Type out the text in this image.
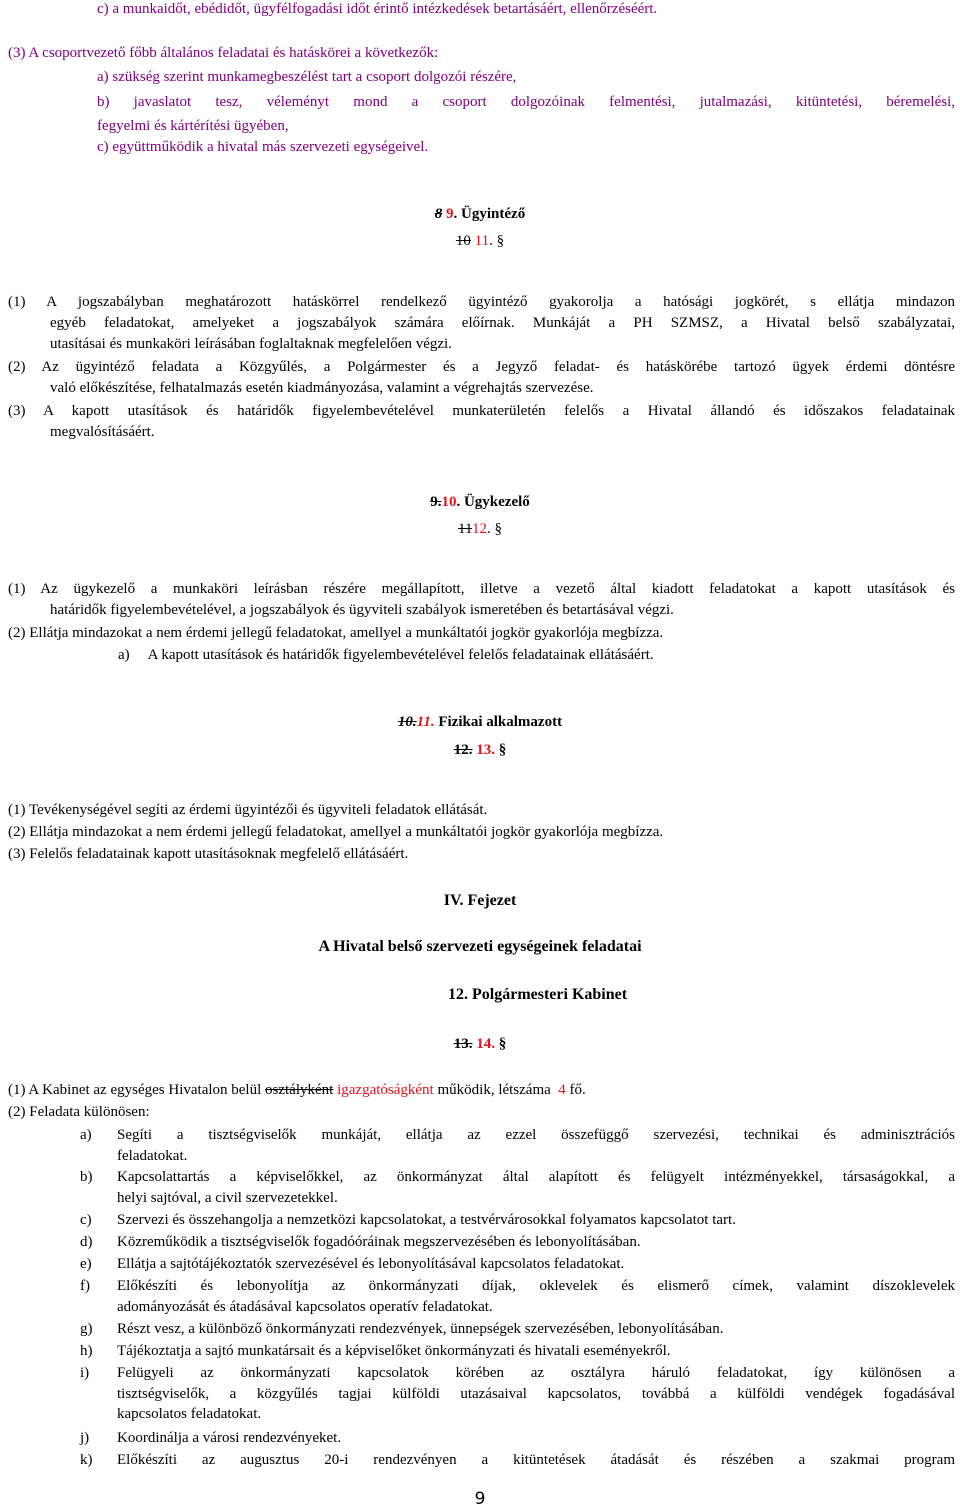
c) a munkaidőt, ebédidőt, ügyfélfogadási időt érintő intézkedések betartásáért, ellenőrzéséért.
(3) A csoportvezető főbb általános feladatai és hatáskörei a következők:
a) szükség szerint munkamegbeszélést tart a csoport dolgozói részére,
b) javaslatot tesz, véleményt mond a csoport dolgozóinak felmentési, jutalmazási, kitüntetési, béremelési,
fegyelmi és kártérítési ügyében,
c) együttműködik a hivatal más szervezeti egységeivel.
8 9. Ügyintéző
10 11. §
(1) A jogszabályban meghatározott hatáskörrel rendelkező ügyintéző gyakorolja a hatósági jogkörét, s ellátja mindazon
egyéb feladatokat, amelyeket a jogszabályok számára előírnak. Munkáját a PH SZMSZ, a Hivatal belső szabályzatai,
utasításai és munkaköri leírásában foglaltaknak megfelelően végzi.
(2) Az ügyintéző feladata a Közgyűlés, a Polgármester és a Jegyző feladat- és hatáskörébe tartozó ügyek érdemi döntésre
való előkészítése, felhatalmazás esetén kiadmányozása, valamint a végrehajtás szervezése.
(3) A kapott utasítások és határidők figyelembevételével munkaterületén felelős a Hivatal állandó és időszakos feladatainak
megvalósításáért.
9.10. Ügykezelő
1112. §
(1) Az ügykezelő a munkaköri leírásban részére megállapított, illetve a vezető által kiadott feladatokat a kapott utasítások és
határidők figyelembevételével, a jogszabályok és ügyviteli szabályok ismeretében és betartásával végzi.
(2) Ellátja mindazokat a nem érdemi jellegű feladatokat, amellyel a munkáltatói jogkör gyakorlója megbízza.
a)     A kapott utasítások és határidők figyelembevételével felelős feladatainak ellátásáért.
10.11. Fizikai alkalmazott
12. 13. §
(1) Tevékenységével segíti az érdemi ügyintézői és ügyviteli feladatok ellátását.
(2) Ellátja mindazokat a nem érdemi jellegű feladatokat, amellyel a munkáltatói jogkör gyakorlója megbízza.
(3) Felelős feladatainak kapott utasításoknak megfelelő ellátásáért.
IV. Fejezet
A Hivatal belső szervezeti egységeinek feladatai
12. Polgármesteri Kabinet
13. 14. §
(1) A Kabinet az egységes Hivatalon belül osztályként igazgatóságként működik, létszáma  4 fő.
(2) Feladata különösen:
a) Segíti a tisztségviselők munkáját, ellátja az ezzel összefüggő szervezési, technikai és adminisztrációs
feladatokat.
b) Kapcsolattartás a képviselőkkel, az önkormányzat által alapított és felügyelt intézményekkel, társaságokkal, a
helyi sajtóval, a civil szervezetekkel.
c) Szervezi és összehangolja a nemzetközi kapcsolatokat, a testvérvárosokkal folyamatos kapcsolatot tart.
d) Közreműködik a tisztségviselők fogadóóráinak megszervezésében és lebonyolításában.
e) Ellátja a sajtótájékoztatók szervezésével és lebonyolításával kapcsolatos feladatokat.
f) Előkészíti és lebonyolítja az önkormányzati díjak, oklevelek és elismerő címek, valamint díszoklevelek
adományozását és átadásával kapcsolatos operatív feladatokat.
g) Részt vesz, a különböző önkormányzati rendezvények, ünnepségek szervezésében, lebonyolításában.
h) Tájékoztatja a sajtó munkatársait és a képviselőket önkormányzati és hivatali eseményekről.
i) Felügyeli az önkormányzati kapcsolatok körében az osztályra háruló feladatokat, így különösen a
tisztségviselők, a közgyűlés tagjai külföldi utazásaival kapcsolatos, továbbá a külföldi vendégek fogadásával
kapcsolatos feladatokat.
j) Koordinálja a városi rendezvényeket.
k) Előkészíti az augusztus 20-i rendezvényen a kitüntetések átadását és részében a szakmai program
9
